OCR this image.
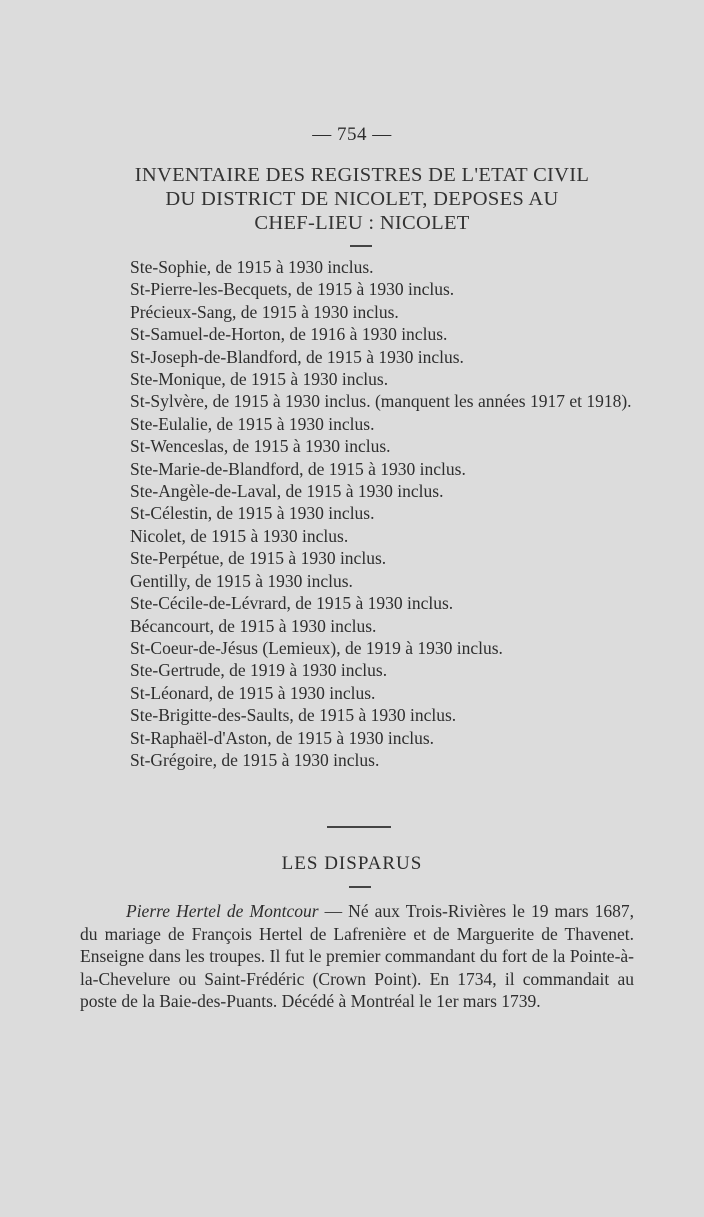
— 754 —
INVENTAIRE DES REGISTRES DE L'ETAT CIVIL
DU DISTRICT DE NICOLET, DEPOSES AU
CHEF-LIEU : NICOLET
Ste-Sophie, de 1915 à 1930 inclus.
St-Pierre-les-Becquets, de 1915 à 1930 inclus.
Précieux-Sang, de 1915 à 1930 inclus.
St-Samuel-de-Horton, de 1916 à 1930 inclus.
St-Joseph-de-Blandford, de 1915 à 1930 inclus.
Ste-Monique, de 1915 à 1930 inclus.
St-Sylvère, de 1915 à 1930 inclus. (manquent les années 1917 et 1918).
Ste-Eulalie, de 1915 à 1930 inclus.
St-Wenceslas, de 1915 à 1930 inclus.
Ste-Marie-de-Blandford, de 1915 à 1930 inclus.
Ste-Angèle-de-Laval, de 1915 à 1930 inclus.
St-Célestin, de 1915 à 1930 inclus.
Nicolet, de 1915 à 1930 inclus.
Ste-Perpétue, de 1915 à 1930 inclus.
Gentilly, de 1915 à 1930 inclus.
Ste-Cécile-de-Lévrard, de 1915 à 1930 inclus.
Bécancourt, de 1915 à 1930 inclus.
St-Coeur-de-Jésus (Lemieux), de 1919 à 1930 inclus.
Ste-Gertrude, de 1919 à 1930 inclus.
St-Léonard, de 1915 à 1930 inclus.
Ste-Brigitte-des-Saults, de 1915 à 1930 inclus.
St-Raphaël-d'Aston, de 1915 à 1930 inclus.
St-Grégoire, de 1915 à 1930 inclus.
LES DISPARUS

Pierre Hertel de Montcour — Né aux Trois-Rivières le 19 mars 1687, du mariage de François Hertel de Lafrenière et de Marguerite de Thavenet. Enseigne dans les troupes. Il fut le premier commandant du fort de la Pointe-à-la-Chevelure ou Saint-Frédéric (Crown Point). En 1734, il commandait au poste de la Baie-des-Puants. Décédé à Montréal le 1er mars 1739.
